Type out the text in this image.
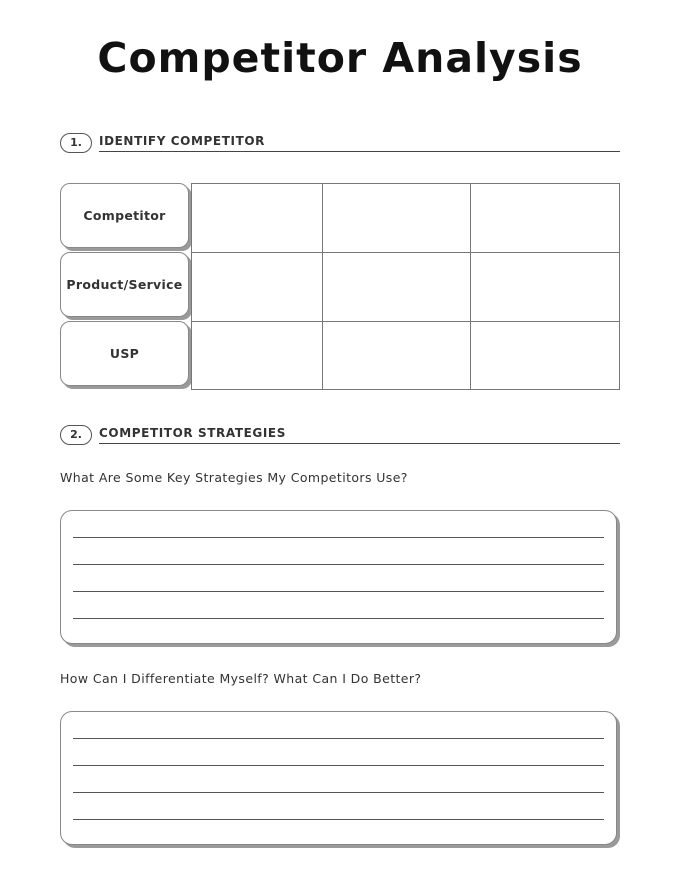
Competitor Analysis
1.	IDENTIFY COMPETITOR
Competitor
Product/Service
USP

2.	COMPETITOR STRATEGIES
What Are Some Key Strategies My Competitors Use?
How Can I Differentiate Myself? What Can I Do Better?
